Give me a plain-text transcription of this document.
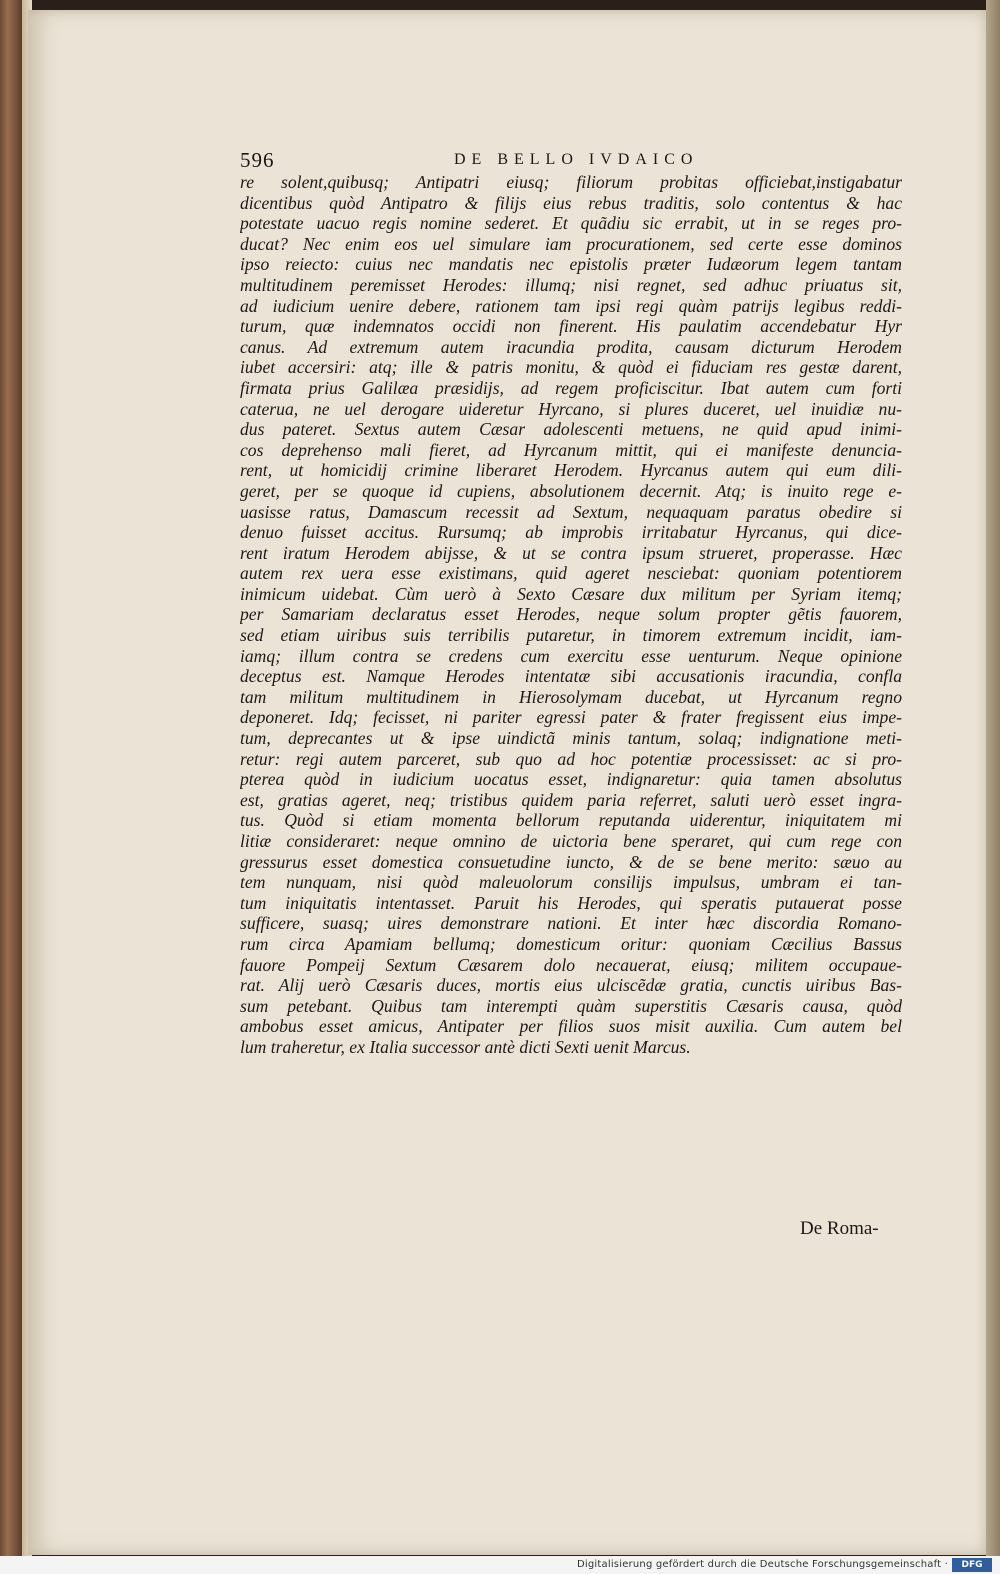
596	DE BELLO IVDAICO
re solent,quibusq; Antipatri eiusq; filiorum probitas officiebat,instigabatur
dicentibus quòd Antipatro & filijs eius rebus traditis, solo contentus & hac
potestate uacuo regis nomine sederet. Et quãdiu sic errabit, ut in se reges pro-
ducat? Nec enim eos uel simulare iam procurationem, sed certe esse dominos
ipso reiecto: cuius nec mandatis nec epistolis præter Iudæorum legem tantam
multitudinem peremisset Herodes: illumq; nisi regnet, sed adhuc priuatus sit,
ad iudicium uenire debere, rationem tam ipsi regi quàm patrijs legibus reddi-
turum, quæ indemnatos occidi non finerent. His paulatim accendebatur Hyr
canus. Ad extremum autem iracundia prodita, causam dicturum Herodem
iubet accersiri: atq; ille & patris monitu, & quòd ei fiduciam res gestæ darent,
firmata prius Galilæa præsidijs, ad regem proficiscitur. Ibat autem cum forti
caterua, ne uel derogare uideretur Hyrcano, si plures duceret, uel inuidiæ nu-
dus pateret. Sextus autem Cæsar adolescenti metuens, ne quid apud inimi-
cos deprehenso mali fieret, ad Hyrcanum mittit, qui ei manifeste denuncia-
rent, ut homicidij crimine liberaret Herodem. Hyrcanus autem qui eum dili-
geret, per se quoque id cupiens, absolutionem decernit. Atq; is inuito rege e-
uasisse ratus, Damascum recessit ad Sextum, nequaquam paratus obedire si
denuo fuisset accitus. Rursumq; ab improbis irritabatur Hyrcanus, qui dice-
rent iratum Herodem abijsse, & ut se contra ipsum strueret, properasse. Hæc
autem rex uera esse existimans, quid ageret nesciebat: quoniam potentiorem
inimicum uidebat. Cùm uerò à Sexto Cæsare dux militum per Syriam itemq;
per Samariam declaratus esset Herodes, neque solum propter gẽtis fauorem,
sed etiam uiribus suis terribilis putaretur, in timorem extremum incidit, iam-
iamq; illum contra se credens cum exercitu esse uenturum. Neque opinione
deceptus est. Namque Herodes intentatæ sibi accusationis iracundia, confla
tam militum multitudinem in Hierosolymam ducebat, ut Hyrcanum regno
deponeret. Idq; fecisset, ni pariter egressi pater & frater fregissent eius impe-
tum, deprecantes ut & ipse uindictã minis tantum, solaq; indignatione meti-
retur: regi autem parceret, sub quo ad hoc potentiæ processisset: ac si pro-
pterea quòd in iudicium uocatus esset, indignaretur: quia tamen absolutus
est, gratias ageret, neq; tristibus quidem paria referret, saluti uerò esset ingra-
tus. Quòd si etiam momenta bellorum reputanda uiderentur, iniquitatem mi
litiæ consideraret: neque omnino de uictoria bene speraret, qui cum rege con
gressurus esset domestica consuetudine iuncto, & de se bene merito: sæuo au
tem nunquam, nisi quòd maleuolorum consilijs impulsus, umbram ei tan-
tum iniquitatis intentasset. Paruit his Herodes, qui speratis putauerat posse
sufficere, suasq; uires demonstrare nationi. Et inter hæc discordia Romano-
rum circa Apamiam bellumq; domesticum oritur: quoniam Cæcilius Bassus
fauore Pompeij Sextum Cæsarem dolo necauerat, eiusq; militem occupaue-
rat. Alij uerò Cæsaris duces, mortis eius ulciscẽdæ gratia, cunctis uiribus Bas-
sum petebant. Quibus tam interempti quàm superstitis Cæsaris causa, quòd
ambobus esset amicus, Antipater per filios suos misit auxilia. Cum autem bel
lum traheretur, ex Italia successor antè dicti Sexti uenit Marcus.
De Roma-
Digitalisierung gefördert durch die Deutsche Forschungsgemeinschaft ·	DFG
